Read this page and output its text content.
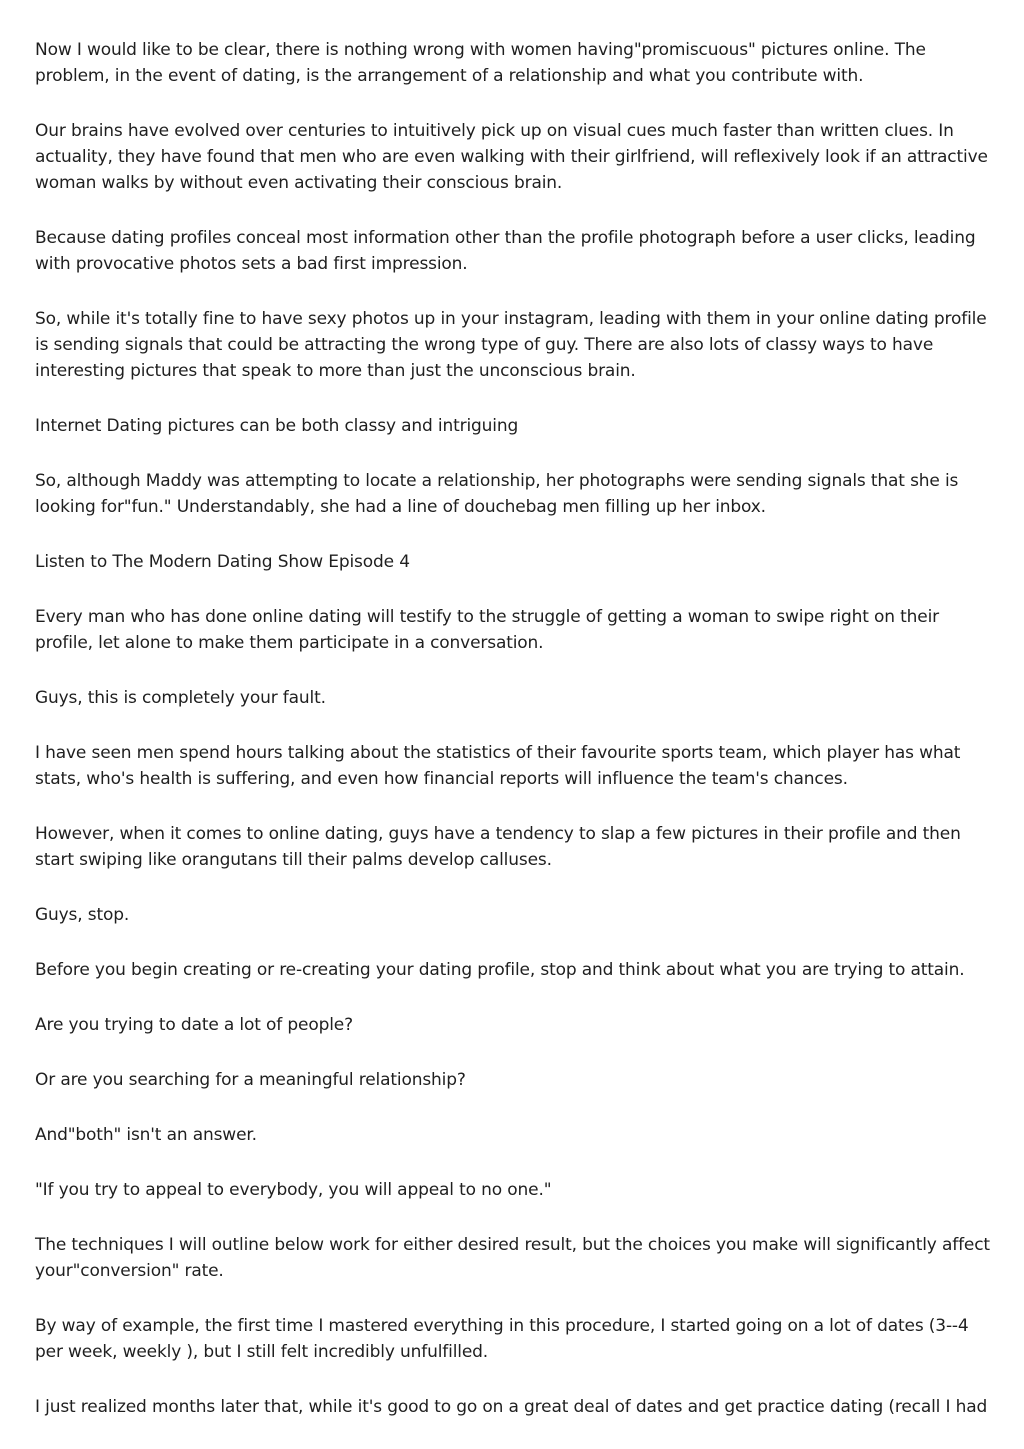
Now I would like to be clear, there is nothing wrong with women having"promiscuous" pictures online. The problem, in the event of dating, is the arrangement of a relationship and what you contribute with.

Our brains have evolved over centuries to intuitively pick up on visual cues much faster than written clues. In actuality, they have found that men who are even walking with their girlfriend, will reflexively look if an attractive woman walks by without even activating their conscious brain.

Because dating profiles conceal most information other than the profile photograph before a user clicks, leading with provocative photos sets a bad first impression.

So, while it's totally fine to have sexy photos up in your instagram, leading with them in your online dating profile is sending signals that could be attracting the wrong type of guy. There are also lots of classy ways to have interesting pictures that speak to more than just the unconscious brain.

Internet Dating pictures can be both classy and intriguing

So, although Maddy was attempting to locate a relationship, her photographs were sending signals that she is looking for"fun." Understandably, she had a line of douchebag men filling up her inbox.

Listen to The Modern Dating Show Episode 4

Every man who has done online dating will testify to the struggle of getting a woman to swipe right on their profile, let alone to make them participate in a conversation.

Guys, this is completely your fault.

I have seen men spend hours talking about the statistics of their favourite sports team, which player has what stats, who's health is suffering, and even how financial reports will influence the team's chances.

However, when it comes to online dating, guys have a tendency to slap a few pictures in their profile and then start swiping like orangutans till their palms develop calluses.

Guys, stop.

Before you begin creating or re-creating your dating profile, stop and think about what you are trying to attain.

Are you trying to date a lot of people?

Or are you searching for a meaningful relationship?

And"both" isn't an answer.

"If you try to appeal to everybody, you will appeal to no one."

The techniques I will outline below work for either desired result, but the choices you make will significantly affect your"conversion" rate.

By way of example, the first time I mastered everything in this procedure, I started going on a lot of dates (3--4 per week, weekly ), but I still felt incredibly unfulfilled.

I just realized months later that, while it's good to go on a great deal of dates and get practice dating (recall I had
